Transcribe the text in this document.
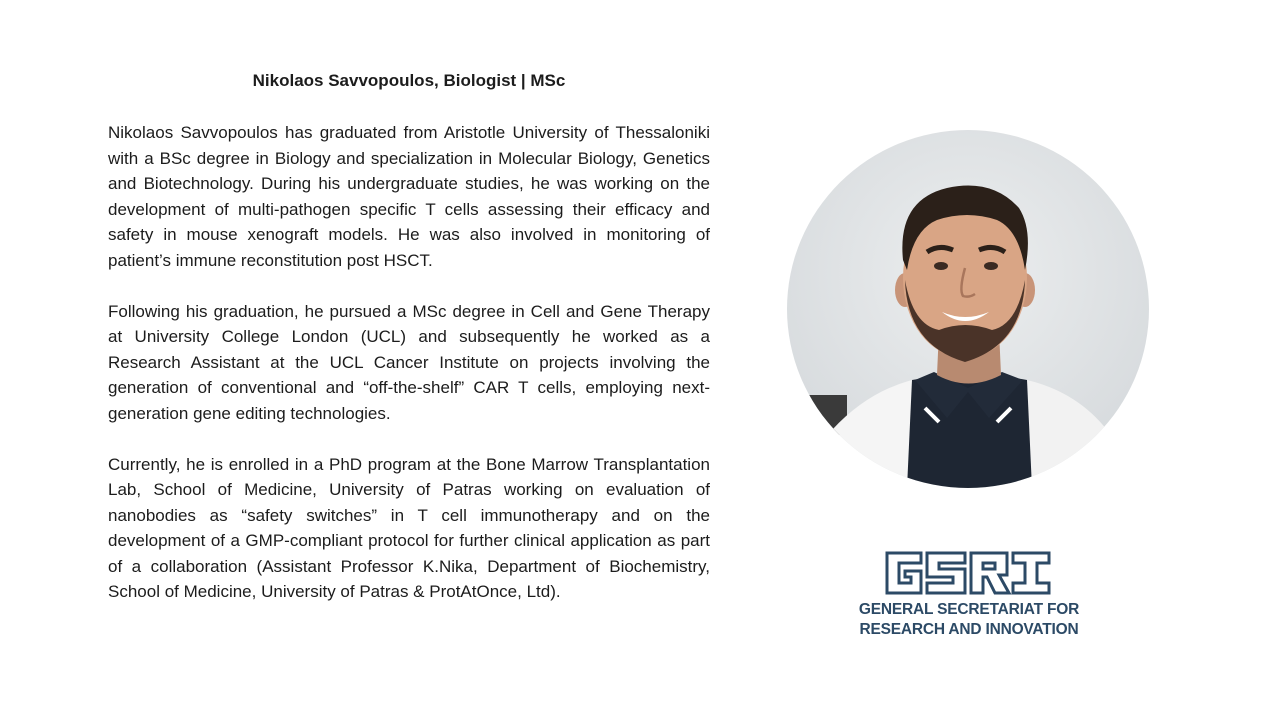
Nikolaos Savvopoulos, Biologist | MSc

Nikolaos Savvopoulos has graduated from Aristotle University of Thessaloniki with a BSc degree in Biology and specialization in Molecular Biology, Genetics and Biotechnology. During his undergraduate studies, he was working on the development of multi-pathogen specific T cells assessing their efficacy and safety in mouse xenograft models. He was also involved in monitoring of patient’s immune reconstitution post HSCT.

Following his graduation, he pursued a MSc degree in Cell and Gene Therapy at University College London (UCL) and subsequently he worked as a Research Assistant at the UCL Cancer Institute on projects involving the generation of conventional and “off-the-shelf” CAR T cells, employing next-generation gene editing technologies.

Currently, he is enrolled in a PhD program at the Bone Marrow Transplantation Lab, School of Medicine, University of Patras working on evaluation of nanobodies as “safety switches” in T cell immunotherapy and on the development of a GMP-compliant protocol for further clinical application as part of a collaboration (Assistant Professor K.Nika, Department of Biochemistry, School of Medicine, University of Patras & ProtAtOnce, Ltd).

GENERAL SECRETARIAT FOR
RESEARCH AND INNOVATION
